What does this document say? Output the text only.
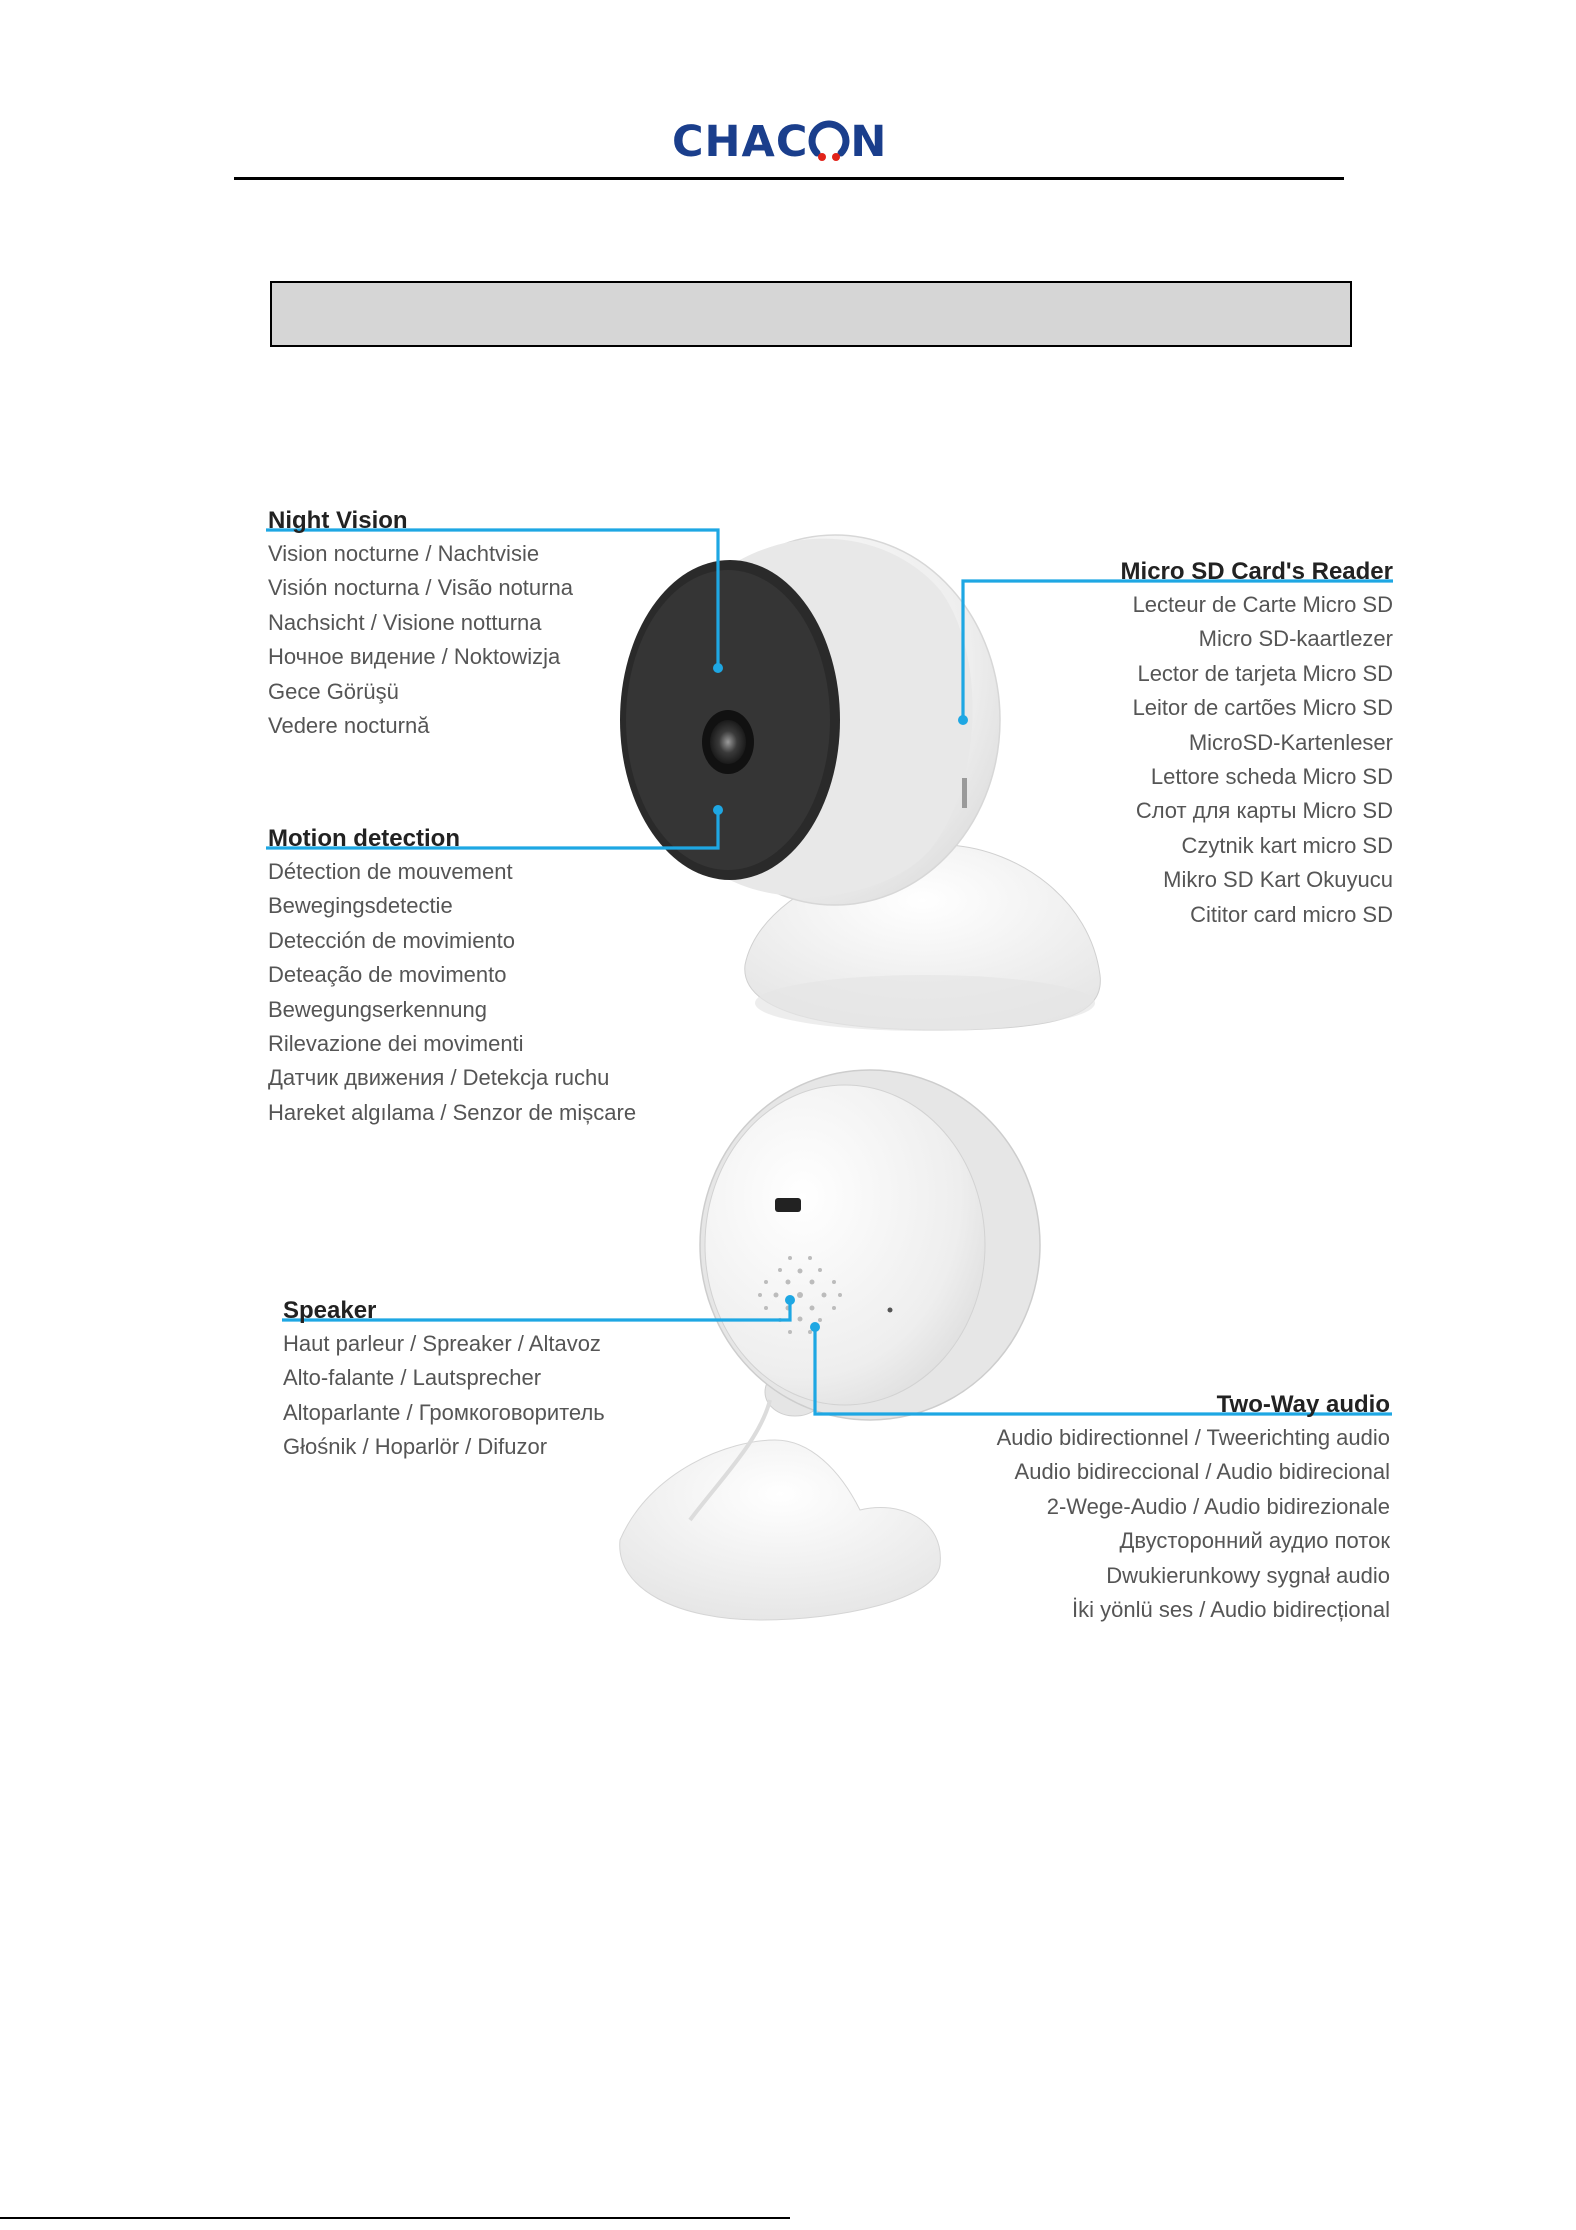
CHAC N
Night Vision
Vision nocturne / Nachtvisie
Visión nocturna / Visão noturna
Nachsicht / Visione notturna
Ночное видение / Noktowizja
Gece Görüşü
Vedere nocturnă
Motion detection
Détection de mouvement
Bewegingsdetectie
Detección de movimiento
Deteação de movimento
Bewegungserkennung
Rilevazione dei movimenti
Датчик движения / Detekcja ruchu
Hareket algılama / Senzor de mișcare
Micro SD Card's Reader
Lecteur de Carte Micro SD
Micro SD-kaartlezer
Lector de tarjeta Micro SD
Leitor de cartões Micro SD
MicroSD-Kartenleser
Lettore scheda Micro SD
Слот для карты Micro SD
Czytnik kart micro SD
Mikro SD Kart Okuyucu
Cititor card micro SD
Speaker
Haut parleur / Spreaker / Altavoz
Alto-falante / Lautsprecher
Altoparlante / Громкоговоритель
Głośnik / Hoparlör / Difuzor
Two-Way audio
Audio bidirectionnel / Tweerichting audio
Audio bidireccional / Audio bidirecional
2-Wege-Audio / Audio bidirezionale
Двусторонний аудио поток
Dwukierunkowy sygnał audio
İki yönlü ses / Audio bidirecțional
